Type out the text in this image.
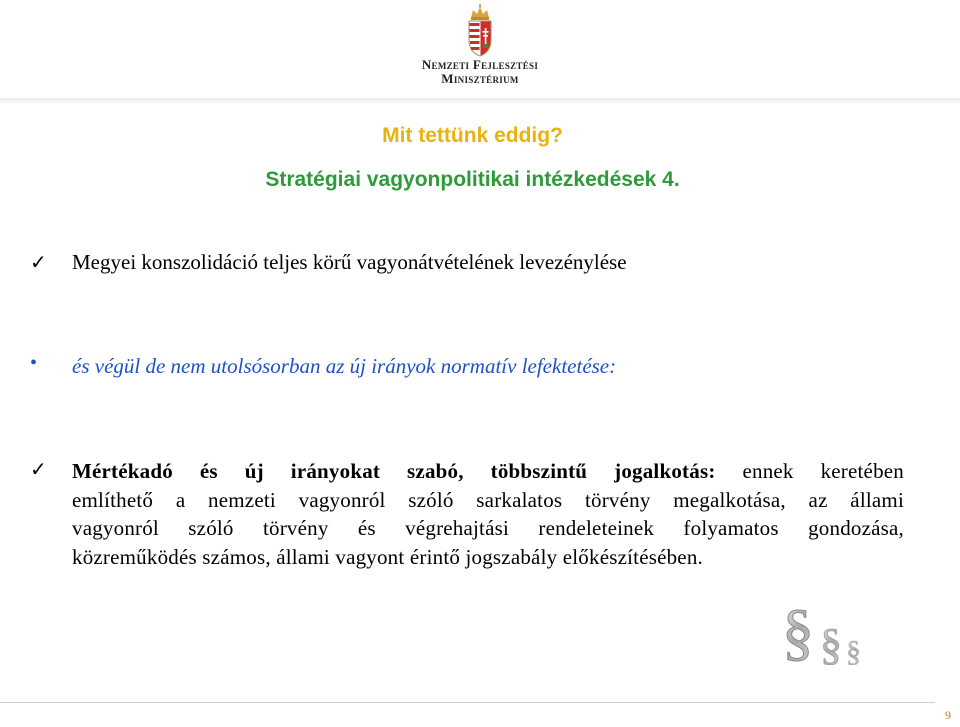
Nemzeti Fejlesztési
Minisztérium
Mit tettünk eddig?
Stratégiai vagyonpolitikai intézkedések 4.
✓ Megyei konszolidáció teljes körű vagyonátvételének levezénylése
• és végül de nem utolsósorban az új irányok normatív lefektetése:
✓ Mértékadó és új irányokat szabó, többszintű jogalkotás: ennek keretében
említhető a nemzeti vagyonról szóló sarkalatos törvény megalkotása, az állami
vagyonról szóló törvény és végrehajtási rendeleteinek folyamatos gondozása,
közreműködés számos, állami vagyont érintő jogszabály előkészítésében.
§ § §
9
